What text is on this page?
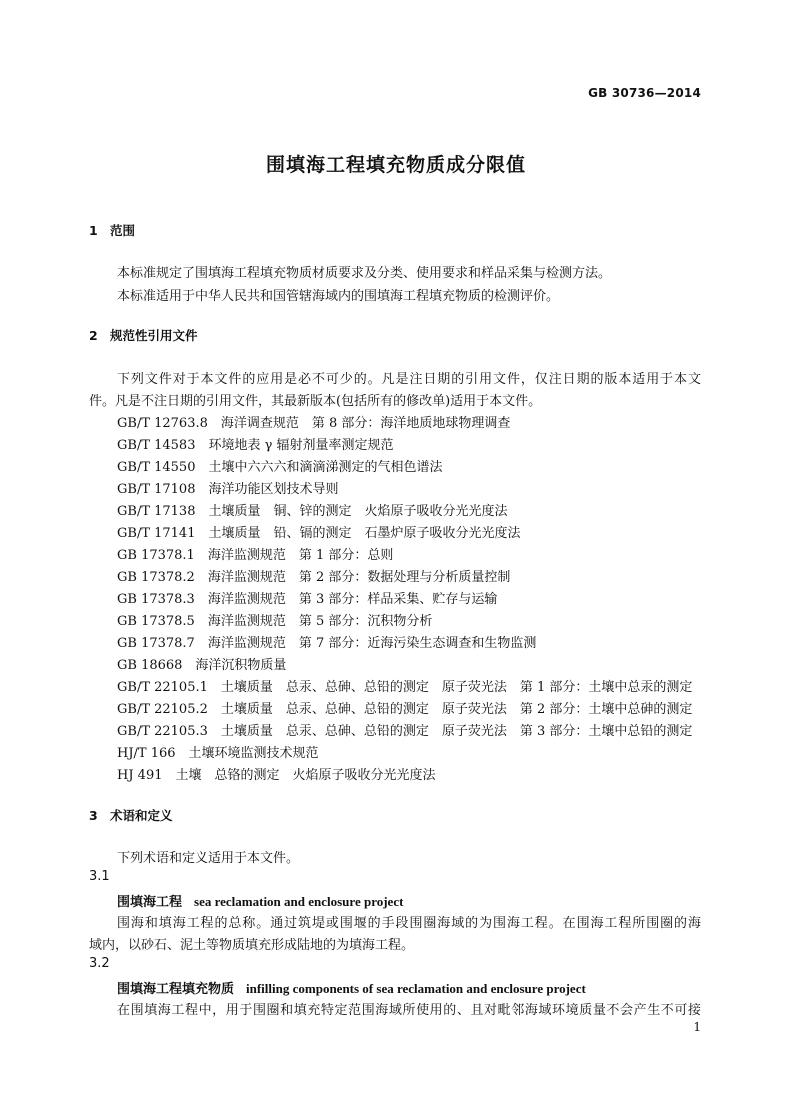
GB 30736—2014
围填海工程填充物质成分限值
1 范围
本标准规定了围填海工程填充物质材质要求及分类、使用要求和样品采集与检测方法。
本标准适用于中华人民共和国管辖海域内的围填海工程填充物质的检测评价。
2 规范性引用文件
下列文件对于本文件的应用是必不可少的。凡是注日期的引用文件，仅注日期的版本适用于本文
件。凡是不注日期的引用文件，其最新版本(包括所有的修改单)适用于本文件。
GB/T 12763.8　海洋调查规范　第 8 部分：海洋地质地球物理调查
GB/T 14583　环境地表 γ 辐射剂量率测定规范
GB/T 14550　土壤中六六六和滴滴涕测定的气相色谱法
GB/T 17108　海洋功能区划技术导则
GB/T 17138　土壤质量　铜、锌的测定　火焰原子吸收分光光度法
GB/T 17141　土壤质量　铅、镉的测定　石墨炉原子吸收分光光度法
GB 17378.1　海洋监测规范　第 1 部分：总则
GB 17378.2　海洋监测规范　第 2 部分：数据处理与分析质量控制
GB 17378.3　海洋监测规范　第 3 部分：样品采集、贮存与运输
GB 17378.5　海洋监测规范　第 5 部分：沉积物分析
GB 17378.7　海洋监测规范　第 7 部分：近海污染生态调查和生物监测
GB 18668　海洋沉积物质量
GB/T 22105.1　土壤质量　总汞、总砷、总铅的测定　原子荧光法　第 1 部分：土壤中总汞的测定
GB/T 22105.2　土壤质量　总汞、总砷、总铅的测定　原子荧光法　第 2 部分：土壤中总砷的测定
GB/T 22105.3　土壤质量　总汞、总砷、总铅的测定　原子荧光法　第 3 部分：土壤中总铅的测定
HJ/T 166　土壤环境监测技术规范
HJ 491　土壤　总铬的测定　火焰原子吸收分光光度法
3 术语和定义
下列术语和定义适用于本文件。
3.1
围填海工程 sea reclamation and enclosure project
围海和填海工程的总称。通过筑堤或围堰的手段围圈海域的为围海工程。在围海工程所围圈的海
域内，以砂石、泥土等物质填充形成陆地的为填海工程。
3.2
围填海工程填充物质 infilling components of sea reclamation and enclosure project
在围填海工程中，用于围圈和填充特定范围海域所使用的、且对毗邻海域环境质量不会产生不可接
1
